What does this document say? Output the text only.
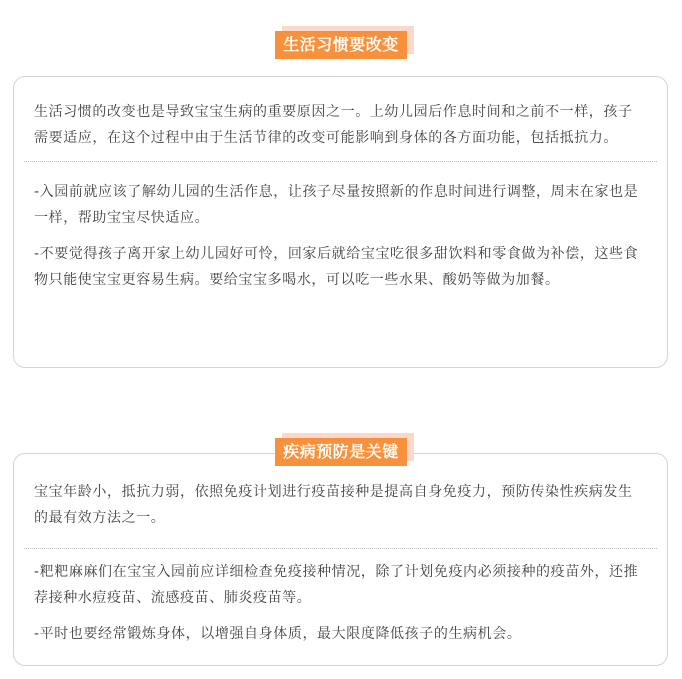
生活习惯要改变

生活习惯的改变也是导致宝宝生病的重要原因之一。上幼儿园后作息时间和之前不一样，孩子需要适应，在这个过程中由于生活节律的改变可能影响到身体的各方面功能，包括抵抗力。

-入园前就应该了解幼儿园的生活作息，让孩子尽量按照新的作息时间进行调整，周末在家也是一样，帮助宝宝尽快适应。

-不要觉得孩子离开家上幼儿园好可怜，回家后就给宝宝吃很多甜饮料和零食做为补偿，这些食物只能使宝宝更容易生病。要给宝宝多喝水，可以吃一些水果、酸奶等做为加餐。

疾病预防是关键

宝宝年龄小，抵抗力弱，依照免疫计划进行疫苗接种是提高自身免疫力，预防传染性疾病发生的最有效方法之一。

-粑粑麻麻们在宝宝入园前应详细检查免疫接种情况，除了计划免疫内必须接种的疫苗外，还推荐接种水痘疫苗、流感疫苗、肺炎疫苗等。

-平时也要经常锻炼身体，以增强自身体质，最大限度降低孩子的生病机会。
